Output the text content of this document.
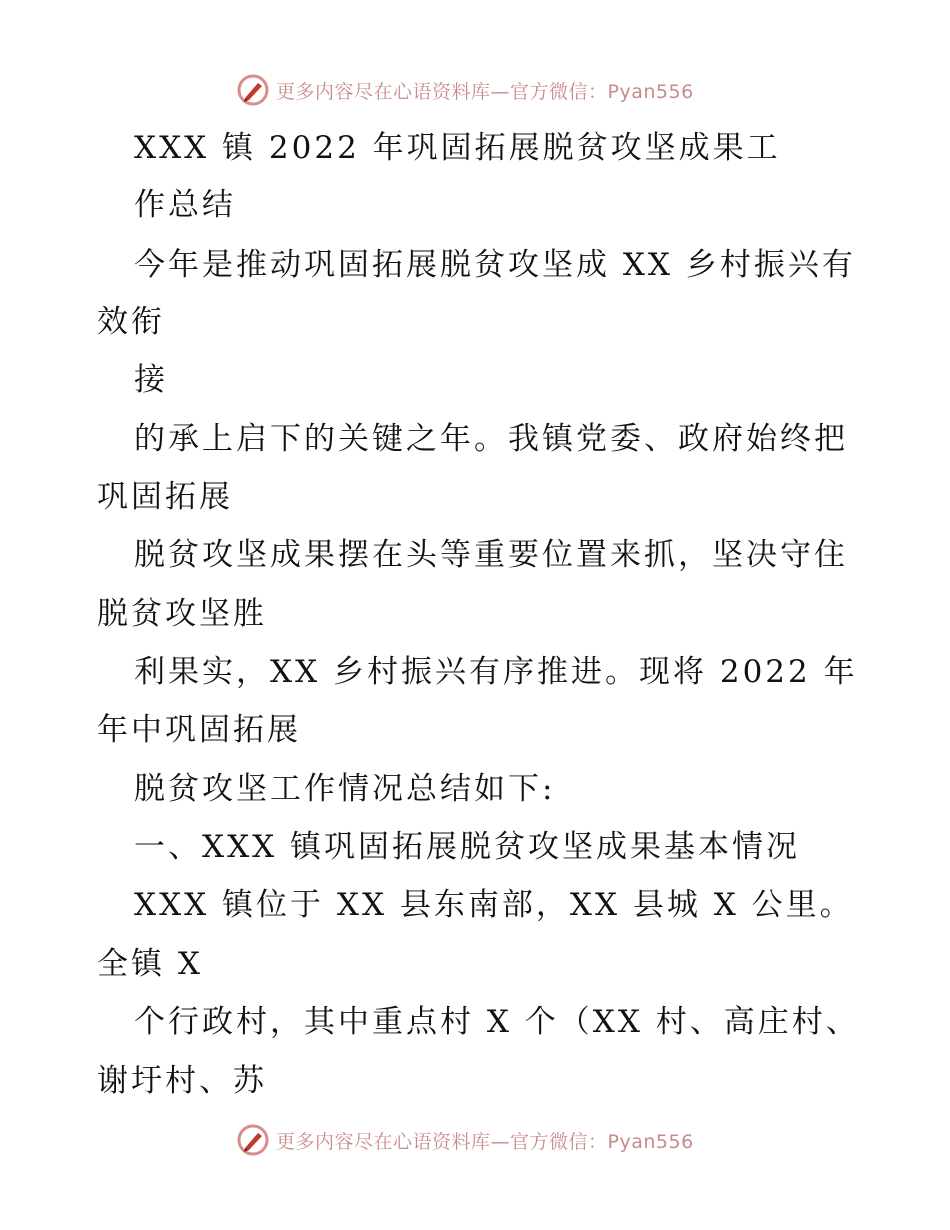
更多内容尽在心语资料库—官方微信：Pyan556
XXX 镇 2022 年巩固拓展脱贫攻坚成果工
作总结
今年是推动巩固拓展脱贫攻坚成 XX 乡村振兴有
效衔
接
的承上启下的关键之年。我镇党委、政府始终把
巩固拓展
脱贫攻坚成果摆在头等重要位置来抓，坚决守住
脱贫攻坚胜
利果实，XX 乡村振兴有序推进。现将 2022 年
年中巩固拓展
脱贫攻坚工作情况总结如下:
一、XXX 镇巩固拓展脱贫攻坚成果基本情况
XXX 镇位于 XX 县东南部，XX 县城 X 公里。
全镇 X
个行政村，其中重点村 X 个（XX 村、高庄村、
谢圩村、苏
更多内容尽在心语资料库—官方微信：Pyan556
